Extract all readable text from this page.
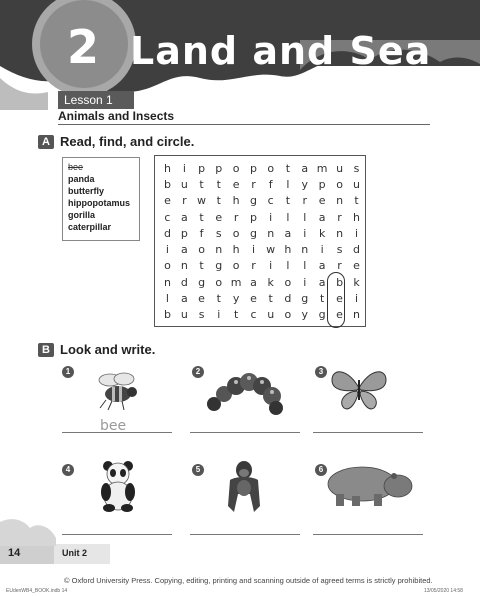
2 Land and Sea
Lesson 1
Animals and Insects
A Read, find, and circle.
bee
panda
butterfly
hippopotamus
gorilla
caterpillar
h	i	p	p	o	p	o	t	a	m	u	s
b	u	t	t	e	r	f	l	y	p	o	u
e	r	w	t	h	g	c	t	r	e	n	t
c	a	t	e	r	p	i	l	l	a	r	h
d	p	f	s	o	g	n	a	i	k	n	i
i	a	o	n	h	i	w	h	n	i	s	d
o	n	t	g	o	r	i	l	l	a	r	e
n	d	g	o	m	a	k	o	i	a	b	k
l	a	e	t	y	e	t	d	g	t	e	i
b	u	s	i	t	c	u	o	y	g	e	n
B Look and write.
1
bee
2	3
4	5	6
14	Unit 2
© Oxford University Press. Copying, editing, printing and scanning outside of agreed terms is strictly prohibited.
EUdenWB4_BOOK.indb 14	13/05/2020 14:58
